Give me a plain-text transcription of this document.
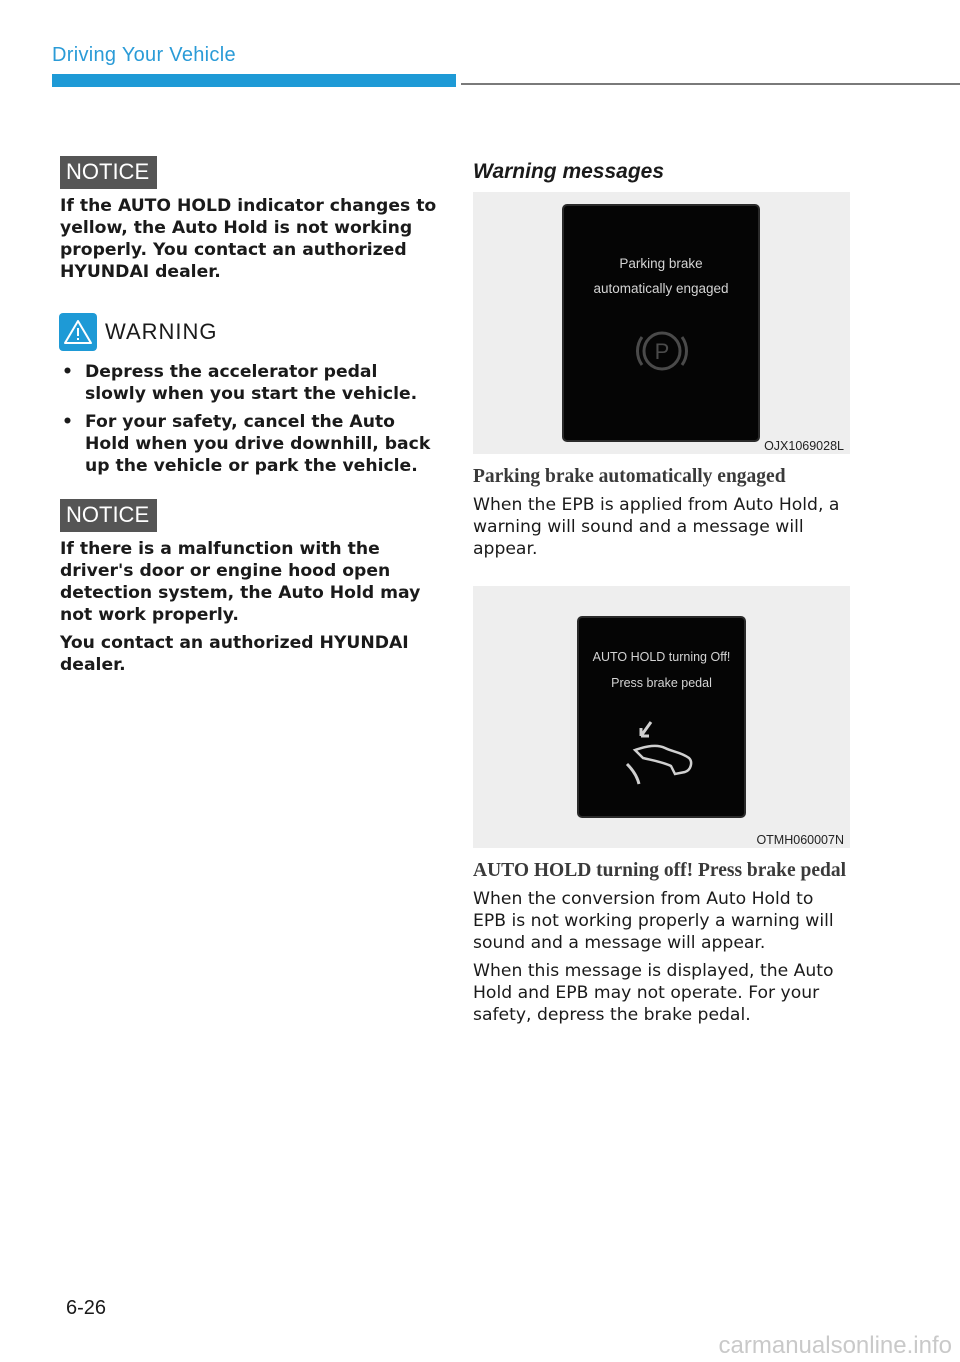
Driving Your Vehicle
NOTICE

If the AUTO HOLD indicator changes to yellow, the Auto Hold is not working properly. You contact an authorized HYUNDAI dealer.

WARNING
• Depress the accelerator pedal slowly when you start the vehicle.
• For your safety, cancel the Auto Hold when you drive downhill, back up the vehicle or park the vehicle.
NOTICE

If there is a malfunction with the driver's door or engine hood open detection system, the Auto Hold may not work properly.

You contact an authorized HYUNDAI dealer.

Warning messages
Parking brake
automatically engaged
P
OJX1069028L

Parking brake automatically engaged

When the EPB is applied from Auto Hold, a warning will sound and a message will appear.

AUTO HOLD turning Off!
Press brake pedal
OTMH060007N

AUTO HOLD turning off! Press brake pedal

When the conversion from Auto Hold to EPB is not working properly a warning will sound and a message will appear.

When this message is displayed, the Auto Hold and EPB may not operate. For your safety, depress the brake pedal.

6-26
carmanualsonline.info
